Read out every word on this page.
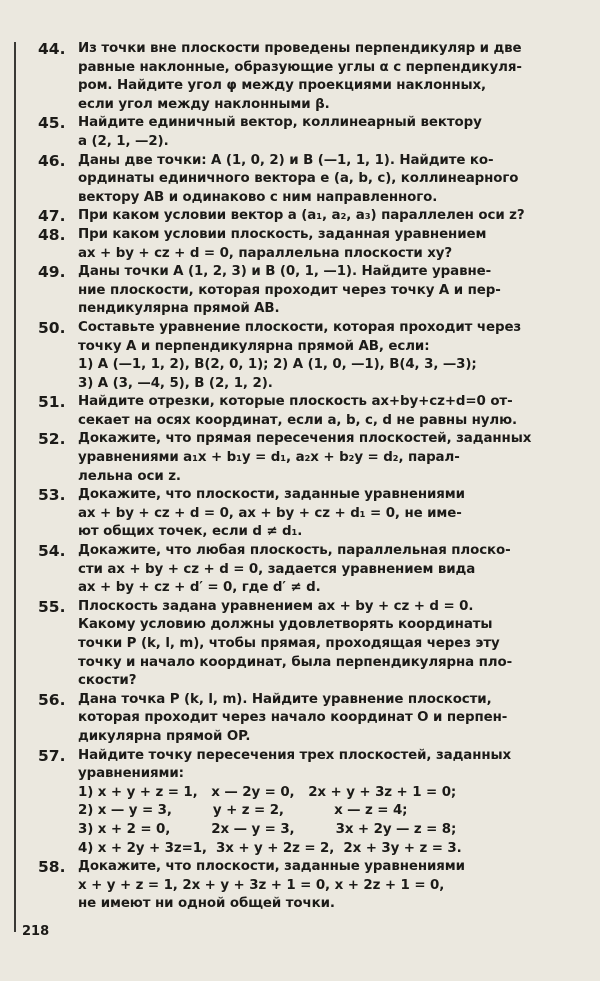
44. Из точки вне плоскости проведены перпендикуляр и две
равные наклонные, образующие углы α с перпендикуля-
ром. Найдите угол φ между проекциями наклонных,
если угол между наклонными β.
45. Найдите единичный вектор, коллинеарный вектору
a (2, 1, —2).
46. Даны две точки: A (1, 0, 2) и B (—1, 1, 1). Найдите ко-
ординаты единичного вектора e (a, b, c), коллинеарного
вектору AB и одинаково с ним направленного.
47. При каком условии вектор a (a₁, a₂, a₃) параллелен оси z?
48. При каком условии плоскость, заданная уравнением
ax + by + cz + d = 0, параллельна плоскости xy?
49. Даны точки A (1, 2, 3) и B (0, 1, —1). Найдите уравне-
ние плоскости, которая проходит через точку A и пер-
пендикулярна прямой AB.
50. Составьте уравнение плоскости, которая проходит через
точку A и перпендикулярна прямой AB, если:
1) A (—1, 1, 2), B(2, 0, 1); 2) A (1, 0, —1), B(4, 3, —3);
3) A (3, —4, 5), B (2, 1, 2).
51. Найдите отрезки, которые плоскость ax+by+cz+d=0 от-
секает на осях координат, если a, b, c, d не равны нулю.
52. Докажите, что прямая пересечения плоскостей, заданных
уравнениями a₁x + b₁y = d₁, a₂x + b₂y = d₂, парал-
лельна оси z.
53. Докажите, что плоскости, заданные уравнениями
ax + by + cz + d = 0, ax + by + cz + d₁ = 0, не име-
ют общих точек, если d ≠ d₁.
54. Докажите, что любая плоскость, параллельная плоско-
сти ax + by + cz + d = 0, задается уравнением вида
ax + by + cz + d′ = 0, где d′ ≠ d.
55. Плоскость задана уравнением ax + by + cz + d = 0.
Какому условию должны удовлетворять координаты
точки P (k, l, m), чтобы прямая, проходящая через эту
точку и начало координат, была перпендикулярна пло-
скости?
56. Дана точка P (k, l, m). Найдите уравнение плоскости,
которая проходит через начало координат O и перпен-
дикулярна прямой OP.
57. Найдите точку пересечения трех плоскостей, заданных
уравнениями:
1) x + y + z = 1,   x — 2y = 0,   2x + y + 3z + 1 = 0;
2) x — y = 3,         y + z = 2,           x — z = 4;
3) x + 2 = 0,         2x — y = 3,         3x + 2y — z = 8;
4) x + 2y + 3z=1,  3x + y + 2z = 2,  2x + 3y + z = 3.
58. Докажите, что плоскости, заданные уравнениями
x + y + z = 1, 2x + y + 3z + 1 = 0, x + 2z + 1 = 0,
не имеют ни одной общей точки.
218
